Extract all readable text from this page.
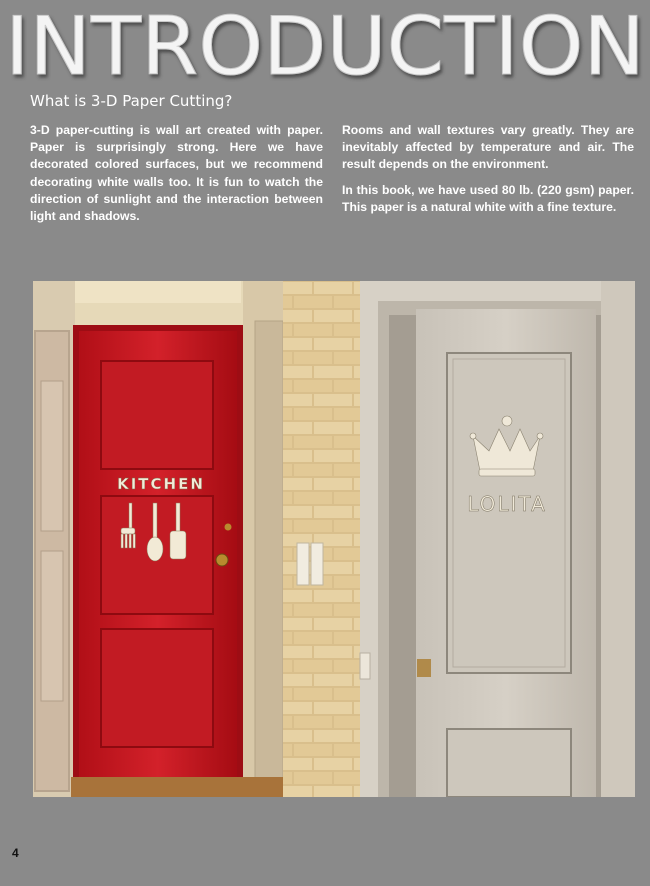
INTRODUCTION
What is 3-D Paper Cutting?

3-D paper-cutting is wall art created with paper. Paper is surprisingly strong. Here we have decorated colored surfaces, but we recommend decorating white walls too. It is fun to watch the direction of sunlight and the interaction between light and shadows.

Rooms and wall textures vary greatly. They are inevitably affected by temperature and air. The result depends on the environment.

In this book, we have used 80 lb. (220 gsm) paper. This paper is a natural white with a fine texture.

KITCHEN
LOLITA
4
